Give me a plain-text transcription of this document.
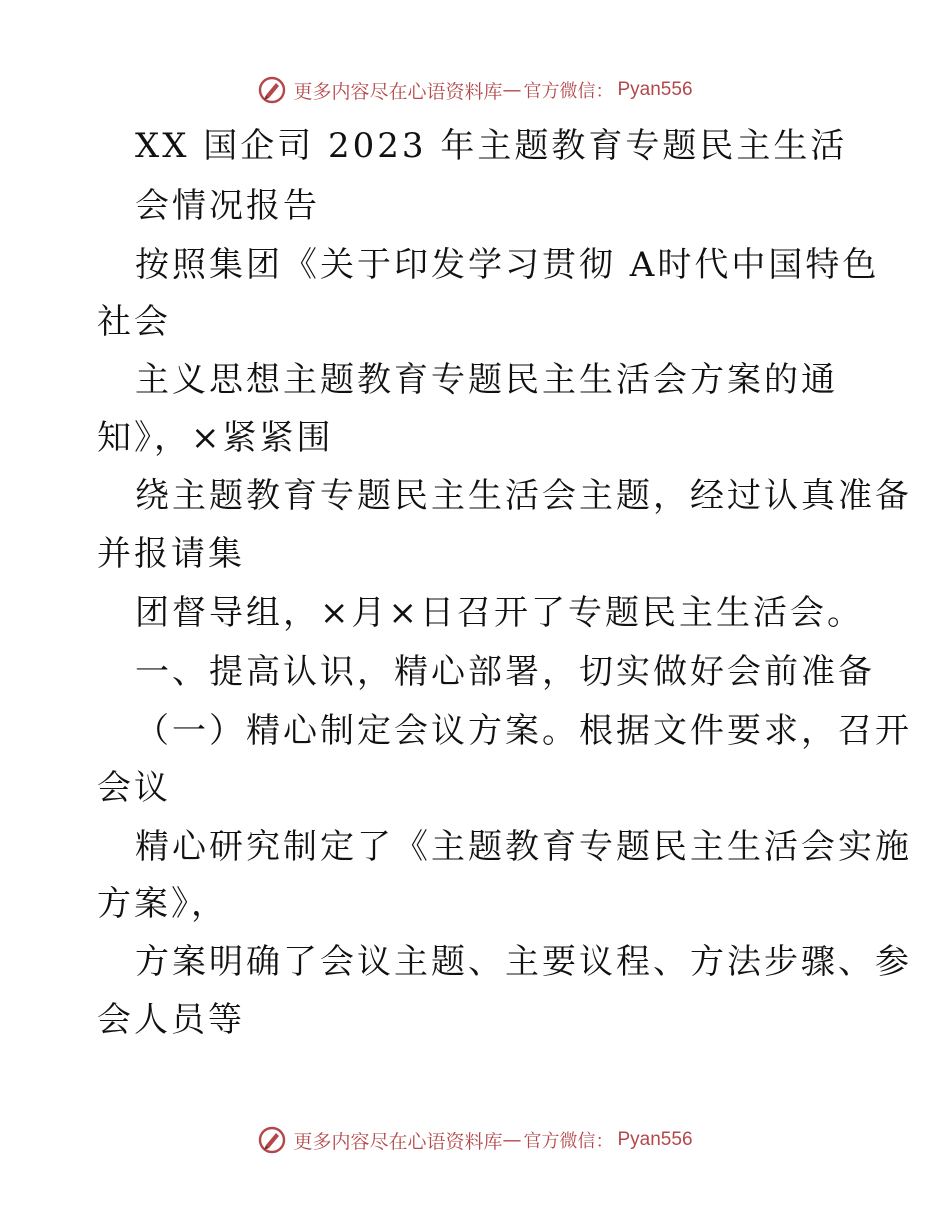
更多内容尽在心语资料库 — 官方微信： Pyan556
XX 国企司 2023 年主题教育专题民主生活
会情况报告
按照集团《关于印发学习贯彻 A时代中国特色
社会
主义思想主题教育专题民主生活会方案的通
知》，×紧紧围
绕主题教育专题民主生活会主题，经过认真准备
并报请集
团督导组，×月×日召开了专题民主生活会。
一、提高认识，精心部署，切实做好会前准备
（一）精心制定会议方案。根据文件要求，召开
会议
精心研究制定了《主题教育专题民主生活会实施
方案》，
方案明确了会议主题、主要议程、方法步骤、参
会人员等
更多内容尽在心语资料库 — 官方微信： Pyan556
